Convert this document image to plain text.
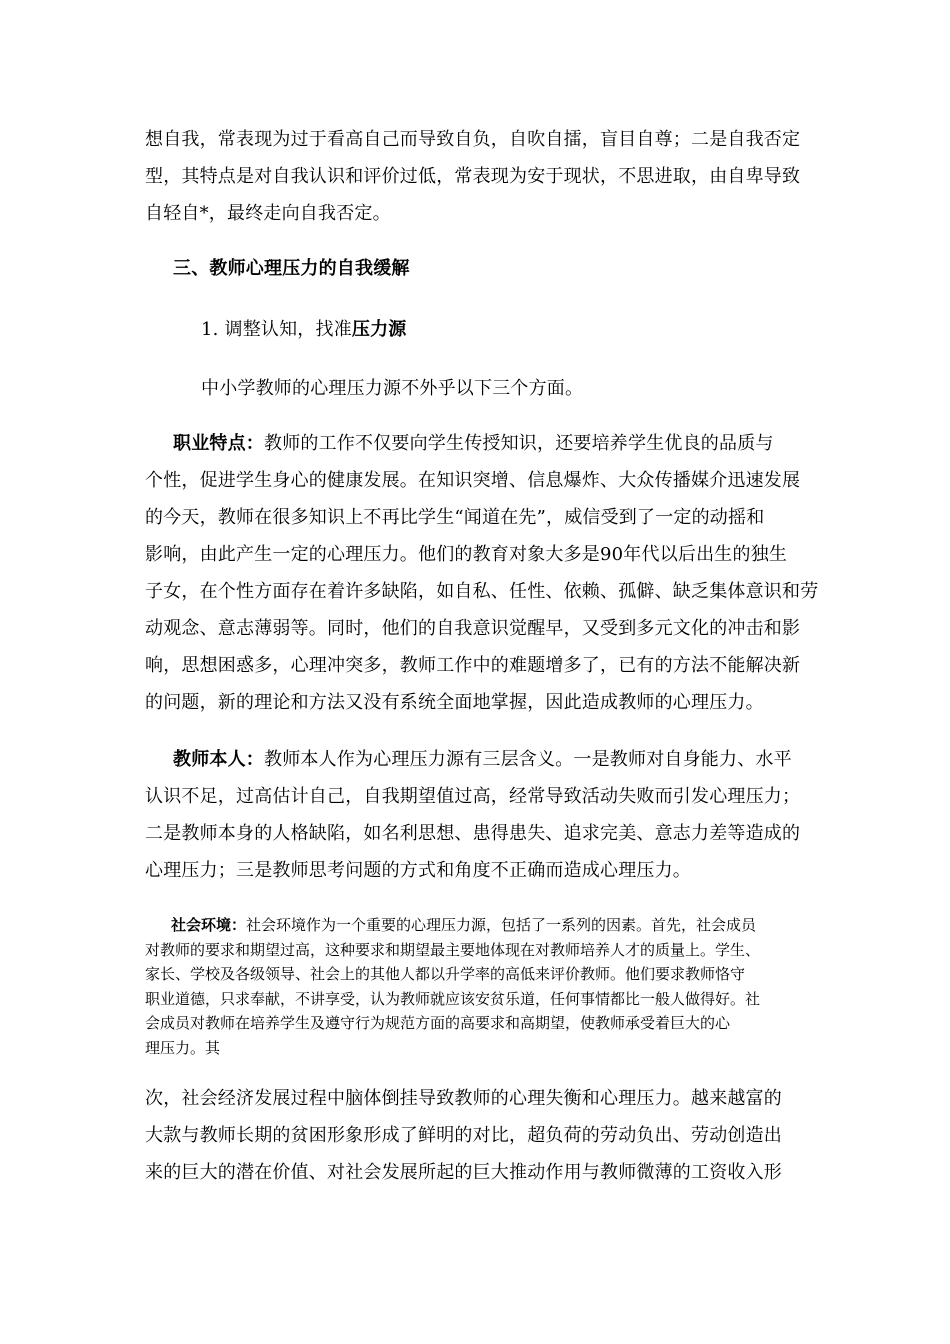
想自我，常表现为过于看高自己而导致自负，自吹自擂，盲目自尊；二是自我否定
型，其特点是对自我认识和评价过低，常表现为安于现状，不思进取，由自卑导致
自轻自*，最终走向自我否定。
三、教师心理压力的自我缓解
1. 调整认知，找准压力源
中小学教师的心理压力源不外乎以下三个方面。
职业特点：教师的工作不仅要向学生传授知识，还要培养学生优良的品质与
个性，促进学生身心的健康发展。在知识突增、信息爆炸、大众传播媒介迅速发展
的今天，教师在很多知识上不再比学生“闻道在先”，威信受到了一定的动摇和
影响，由此产生一定的心理压力。他们的教育对象大多是90年代以后出生的独生
子女，在个性方面存在着许多缺陷，如自私、任性、依赖、孤僻、缺乏集体意识和劳
动观念、意志薄弱等。同时，他们的自我意识觉醒早，又受到多元文化的冲击和影
响，思想困惑多，心理冲突多，教师工作中的难题增多了，已有的方法不能解决新
的问题，新的理论和方法又没有系统全面地掌握，因此造成教师的心理压力。
教师本人：教师本人作为心理压力源有三层含义。一是教师对自身能力、水平
认识不足，过高估计自己，自我期望值过高，经常导致活动失败而引发心理压力；
二是教师本身的人格缺陷，如名利思想、患得患失、追求完美、意志力差等造成的
心理压力；三是教师思考问题的方式和角度不正确而造成心理压力。
社会环境：社会环境作为一个重要的心理压力源，包括了一系列的因素。首先，社会成员
对教师的要求和期望过高，这种要求和期望最主要地体现在对教师培养人才的质量上。学生、
家长、学校及各级领导、社会上的其他人都以升学率的高低来评价教师。他们要求教师恪守
职业道德，只求奉献，不讲享受，认为教师就应该安贫乐道，任何事情都比一般人做得好。社
会成员对教师在培养学生及遵守行为规范方面的高要求和高期望，使教师承受着巨大的心
理压力。其
次，社会经济发展过程中脑体倒挂导致教师的心理失衡和心理压力。越来越富的
大款与教师长期的贫困形象形成了鲜明的对比，超负荷的劳动负出、劳动创造出
来的巨大的潜在价值、对社会发展所起的巨大推动作用与教师微薄的工资收入形
